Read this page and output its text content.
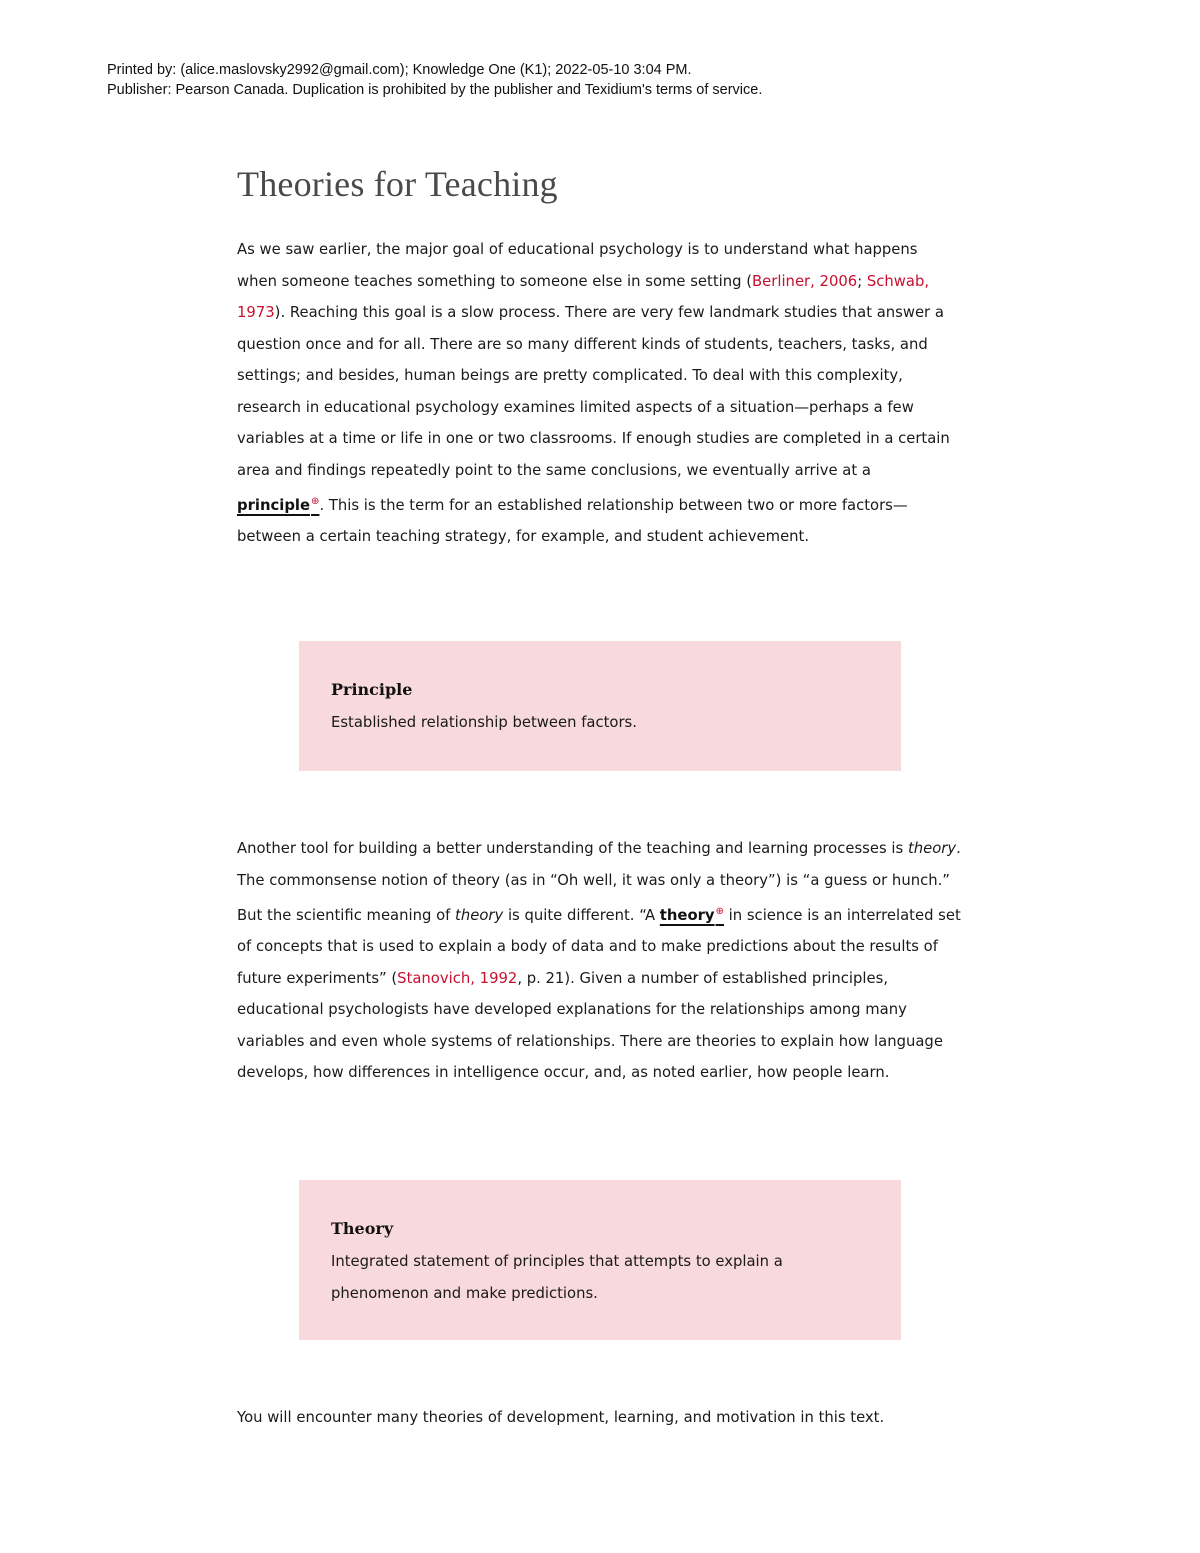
Printed by: (alice.maslovsky2992@gmail.com); Knowledge One (K1); 2022-05-10 3:04 PM.
Publisher: Pearson Canada. Duplication is prohibited by the publisher and Texidium's terms of service.
Theories for Teaching

As we saw earlier, the major goal of educational psychology is to understand what happens when someone teaches something to someone else in some setting (Berliner, 2006; Schwab, 1973). Reaching this goal is a slow process. There are very few landmark studies that answer a question once and for all. There are so many different kinds of students, teachers, tasks, and settings; and besides, human beings are pretty complicated. To deal with this complexity, research in educational psychology examines limited aspects of a situation—perhaps a few variables at a time or life in one or two classrooms. If enough studies are completed in a certain area and findings repeatedly point to the same conclusions, we eventually arrive at a principle⊕. This is the term for an established relationship between two or more factors—between a certain teaching strategy, for example, and student achievement.

Principle

Established relationship between factors.

Another tool for building a better understanding of the teaching and learning processes is theory. The commonsense notion of theory (as in “Oh well, it was only a theory”) is “a guess or hunch.” But the scientific meaning of theory is quite different. “A theory⊕ in science is an interrelated set of concepts that is used to explain a body of data and to make predictions about the results of future experiments” (Stanovich, 1992, p. 21). Given a number of established principles, educational psychologists have developed explanations for the relationships among many variables and even whole systems of relationships. There are theories to explain how language develops, how differences in intelligence occur, and, as noted earlier, how people learn.

Theory

Integrated statement of principles that attempts to explain a phenomenon and make predictions.

You will encounter many theories of development, learning, and motivation in this text.
